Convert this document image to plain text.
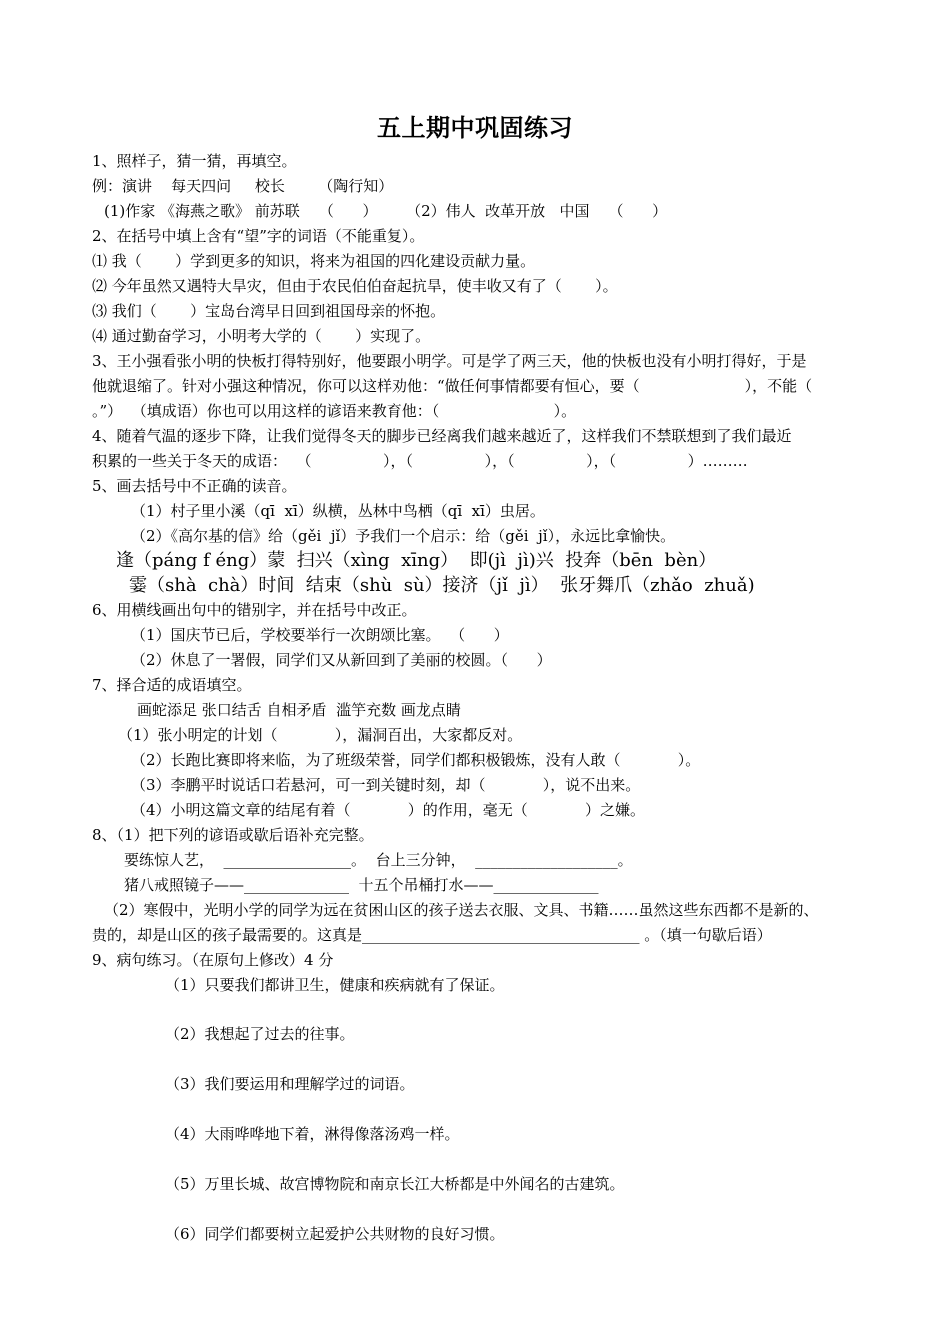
五上期中巩固练习
1、照样子，猜一猜，再填空。
例：演讲    每天四问     校长       （陶行知）
(1)作家 《海燕之歌》 前苏联    （      ）      （2）伟人  改革开放   中国    （      ）
2、在括号中填上含有“望”字的词语（不能重复）。
⑴ 我（       ）学到更多的知识，将来为祖国的四化建设贡献力量。
⑵ 今年虽然又遇特大旱灾，但由于农民伯伯奋起抗旱，使丰收又有了（       ）。
⑶ 我们（       ）宝岛台湾早日回到祖国母亲的怀抱。
⑷ 通过勤奋学习，小明考大学的（       ）实现了。
3、王小强看张小明的快板打得特别好，他要跟小明学。可是学了两三天，他的快板也没有小明打得好，于是
他就退缩了。针对小强这种情况，你可以这样劝他：“做任何事情都要有恒心，要（                      ），不能（
。”）  （填成语）你也可以用这样的谚语来教育他：（                        ）。
4、随着气温的逐步下降，让我们觉得冬天的脚步已经离我们越来越近了，这样我们不禁联想到了我们最近
积累的一些关于冬天的成语：  （               ），（               ），（               ），（               ）………
5、画去括号中不正确的读音。
（1）村子里小溪（qī  xī）纵横，丛林中鸟栖（qī  xī）虫居。
（2）《高尔基的信》给（gěi  jǐ）予我们一个启示：给（gěi  jǐ），永远比拿愉快。
逢（páng f éng）蒙  扫兴（xìng  xīng）  即(jì  jì)兴  投奔（bēn  bèn）
霎（shà  chà）时间  结束（shù  sù）接济（jǐ  jì）  张牙舞爪（zhǎo  zhuǎ)
6、用横线画出句中的错别字，并在括号中改正。
（1）国庆节已后，学校要举行一次朗颂比塞。  （      ）
（2）休息了一署假，同学们又从新回到了美丽的校圆。（      ）
7、择合适的成语填空。
画蛇添足 张口结舌 自相矛盾  滥竽充数 画龙点睛
（1）张小明定的计划（            ），漏洞百出，大家都反对。
（2）长跑比赛即将来临，为了班级荣誉，同学们都积极锻炼，没有人敢（            ）。
（3）李鹏平时说话口若悬河，可一到关键时刻，却（            ），说不出来。
（4）小明这篇文章的结尾有着（            ）的作用，毫无（            ）之嫌。
8、（1）把下列的谚语或歇后语补充完整。
要练惊人艺，  _________________。  台上三分钟，  ___________________。
猪八戒照镜子——______________  十五个吊桶打水——______________
（2）寒假中，光明小学的同学为远在贫困山区的孩子送去衣服、文具、书籍……虽然这些东西都不是新的、
贵的，却是山区的孩子最需要的。这真是_____________________________________ 。（填一句歇后语）
9、病句练习。（在原句上修改）4 分
（1）只要我们都讲卫生，健康和疾病就有了保证。
（2）我想起了过去的往事。
（3）我们要运用和理解学过的词语。
（4）大雨哗哗地下着，淋得像落汤鸡一样。
（5）万里长城、故宫博物院和南京长江大桥都是中外闻名的古建筑。
（6）同学们都要树立起爱护公共财物的良好习惯。
